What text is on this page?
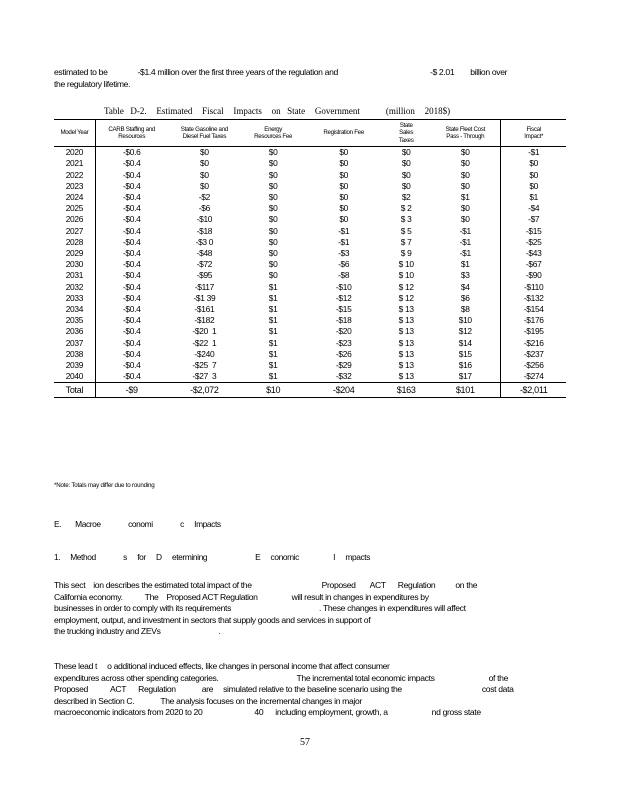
estimated to be	-$1.4 million over the first three years of the regulation and	-$ 2.01 billion over
the regulatory lifetime.

Table  D-2.   Estimated   Fiscal   Impacts   on  State   Government        (million   2018$)
Model Year	CARB Staffing and Resources	State Gasoline and Diesel Fuel Taxes	Energy Resources Fee	Registration Fee	State Sales Taxes	State Fleet Cost Pass - Through	Fiscal Impact*
2020	-$0.6	$0	$0	$0	$0	$0	-$1
2021	-$0.4	$0	$0	$0	$0	$0	$0
2022	-$0.4	$0	$0	$0	$0	$0	$0
2023	-$0.4	$0	$0	$0	$0	$0	$0
2024	-$0.4	-$2	$0	$0	$2	$1	$1
2025	-$0.4	-$6	$0	$0	$ 2	$0	-$4
2026	-$0.4	-$10	$0	$0	$ 3	$0	-$7
2027	-$0.4	-$18	$0	-$1	$ 5	-$1	-$15
2028	-$0.4	-$3 0	$0	-$1	$ 7	-$1	-$25
2029	-$0.4	-$48	$0	-$3	$ 9	-$1	-$43
2030	-$0.4	-$72	$0	-$6	$ 10	$1	-$67
2031	-$0.4	-$95	$0	-$8	$ 10	$3	-$90
2032	-$0.4	-$117	$1	-$10	$ 12	$4	-$110
2033	-$0.4	-$1 39	$1	-$12	$ 12	$6	-$132
2034	-$0.4	-$161	$1	-$15	$ 13	$8	-$154
2035	-$0.4	-$182	$1	-$18	$ 13	$10	-$176
2036	-$0.4	-$20  1	$1	-$20	$ 13	$12	-$195
2037	-$0.4	-$22  1	$1	-$23	$ 13	$14	-$216
2038	-$0.4	-$240	$1	-$26	$ 13	$15	-$237
2039	-$0.4	-$25  7	$1	-$29	$ 13	$16	-$256
2040	-$0.4	-$27  3	$1	-$32	$ 13	$17	-$274
Total	-$9	-$2,072	$10	-$204	$163	$101	-$2,011
*Note: Totals may differ due to rounding
E. Macroe        conomi        c   Impacts
1. Method        s   for   D   etermining              E   conomic          I   mpacts

This sect ion describes the estimated total impact of the	Proposed ACT Regulation on the
California economy.	The Proposed ACT Regulation	will result in changes in expenditures by
businesses in order to comply with its requirements	. These changes in expenditures will affect
employment, output, and investment in sectors that supply goods and services in support of
the trucking industry and ZEVs	.

These lead t o additional induced effects, like changes in personal income that affect consumer
expenditures across other spending categories.	The incremental total economic impacts	of the
Proposed	ACT Regulation	are simulated relative to the baseline scenario using the	cost data
described in Section C.	The analysis focuses on the incremental changes in major
macroeconomic indicators from 2020 to 20	40 including employment, growth, a	nd gross state

57
